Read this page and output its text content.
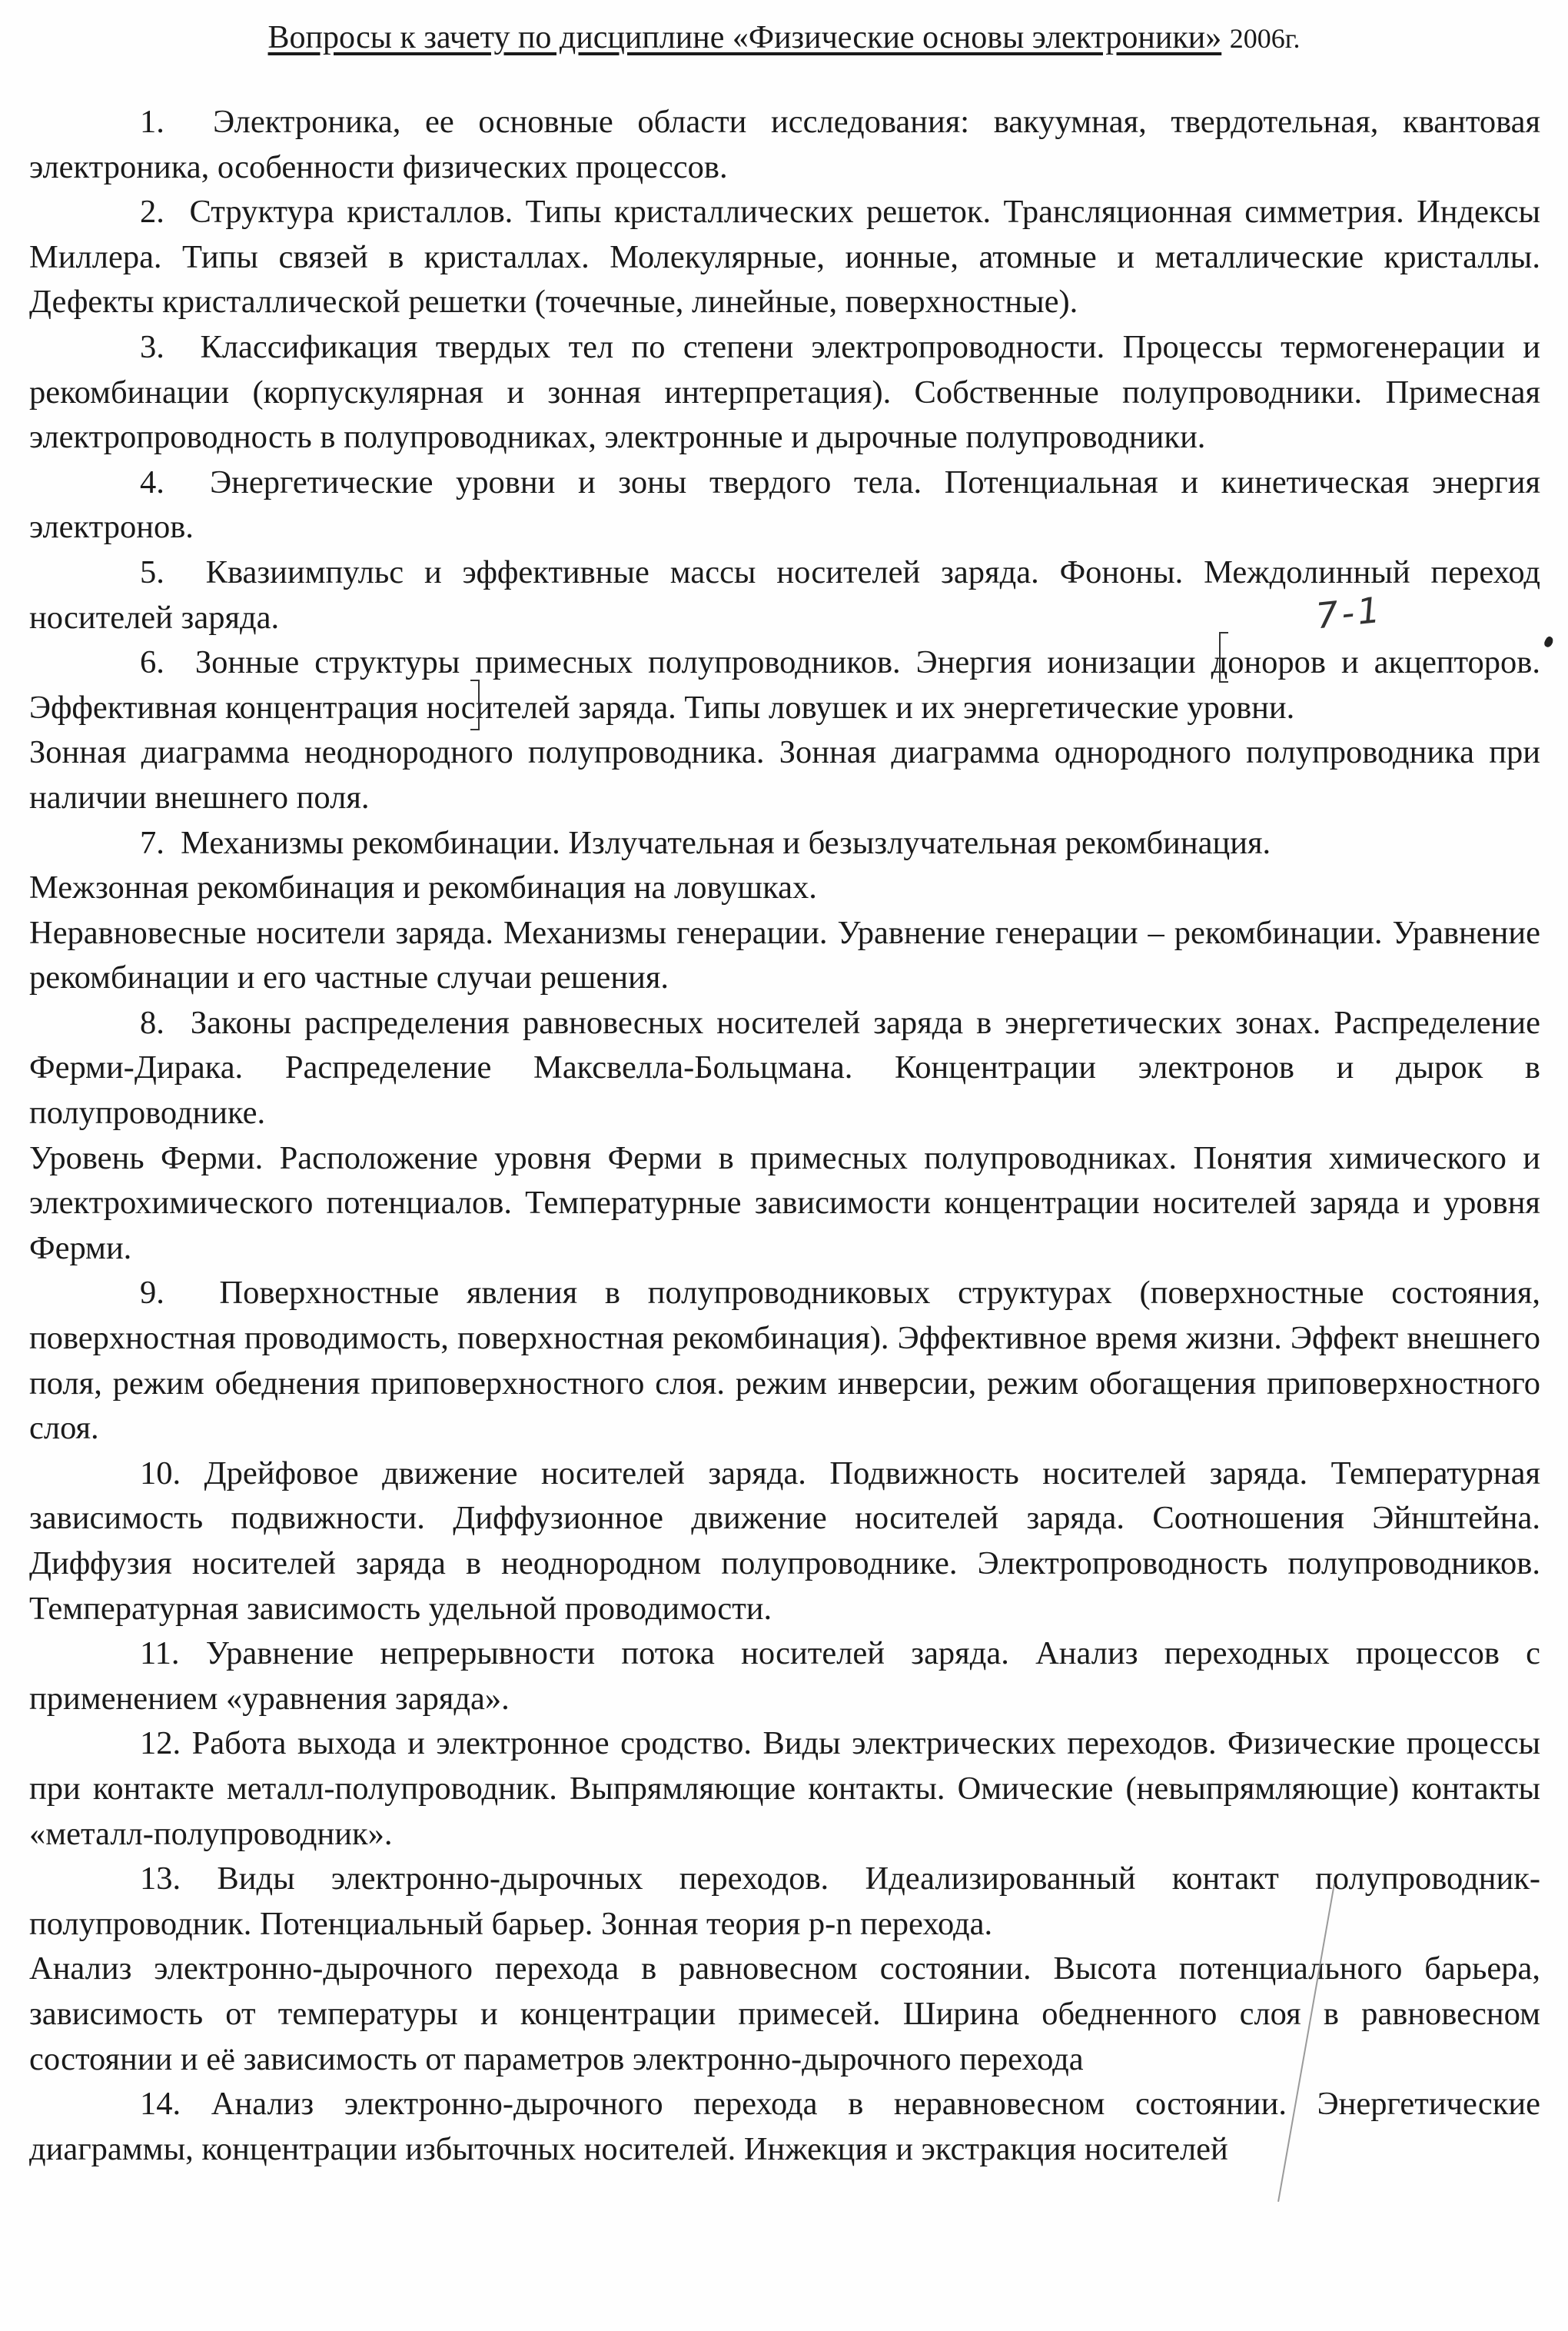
Вопросы к зачету по дисциплине «Физические основы электроники» 2006г.

1. Электроника, ее основные области исследования: вакуумная, твердотельная, квантовая электроника, особенности физических процессов.

2. Структура кристаллов. Типы кристаллических решеток. Трансляционная симметрия. Индексы Миллера. Типы связей в кристаллах. Молекулярные, ионные, атомные и металлические кристаллы. Дефекты кристаллической решетки (точечные, линейные, поверхностные).

3. Классификация твердых тел по степени электропроводности. Процессы термогенерации и рекомбинации (корпускулярная и зонная интерпретация). Собственные полупроводники. Примесная электропроводность в полупроводниках, электронные и дырочные полупроводники.

4. Энергетические уровни и зоны твердого тела. Потенциальная и кинетическая энергия электронов.

5. Квазиимпульс и эффективные массы носителей заряда. Фононы. Междолинный переход носителей заряда.

6. Зонные структуры примесных полупроводников. Энергия ионизации доноров и акцепторов. Эффективная концентрация носителей заряда. Типы ловушек и их энергетические уровни.

Зонная диаграмма неоднородного полупроводника. Зонная диаграмма однородного полупроводника при наличии внешнего поля.

7. Механизмы рекомбинации. Излучательная и безызлучательная рекомбинация.

Межзонная рекомбинация и рекомбинация на ловушках.

Неравновесные носители заряда. Механизмы генерации. Уравнение генерации – рекомбинации. Уравнение рекомбинации и его частные случаи решения.

8. Законы распределения равновесных носителей заряда в энергетических зонах. Распределение Ферми-Дирака. Распределение Максвелла-Больцмана. Концентрации электронов и дырок в полупроводнике.

Уровень Ферми. Расположение уровня Ферми в примесных полупроводниках. Понятия химического и электрохимического потенциалов. Температурные зависимости концентрации носителей заряда и уровня Ферми.

9. Поверхностные явления в полупроводниковых структурах (поверхностные состояния, поверхностная проводимость, поверхностная рекомбинация). Эффективное время жизни. Эффект внешнего поля, режим обеднения приповерхностного слоя. режим инверсии, режим обогащения приповерхностного слоя.

10. Дрейфовое движение носителей заряда. Подвижность носителей заряда. Температурная зависимость подвижности. Диффузионное движение носителей заряда. Соотношения Эйнштейна. Диффузия носителей заряда в неоднородном полупроводнике. Электропроводность полупроводников. Температурная зависимость удельной проводимости.

11. Уравнение непрерывности потока носителей заряда. Анализ переходных процессов с применением «уравнения заряда».

12. Работа выхода и электронное сродство. Виды электрических переходов. Физические процессы при контакте металл-полупроводник. Выпрямляющие контакты. Омические (невыпрямляющие) контакты «металл-полупроводник».

13. Виды электронно-дырочных переходов. Идеализированный контакт полупроводник-полупроводник. Потенциальный барьер. Зонная теория p-n перехода.

Анализ электронно-дырочного перехода в равновесном состоянии. Высота потенциального барьера, зависимость от температуры и концентрации примесей. Ширина обедненного слоя в равновесном состоянии и её зависимость от параметров электронно-дырочного перехода

14. Анализ электронно-дырочного перехода в неравновесном состоянии. Энергетические диаграммы, концентрации избыточных носителей. Инжекция и экстракция носителей

7-1
